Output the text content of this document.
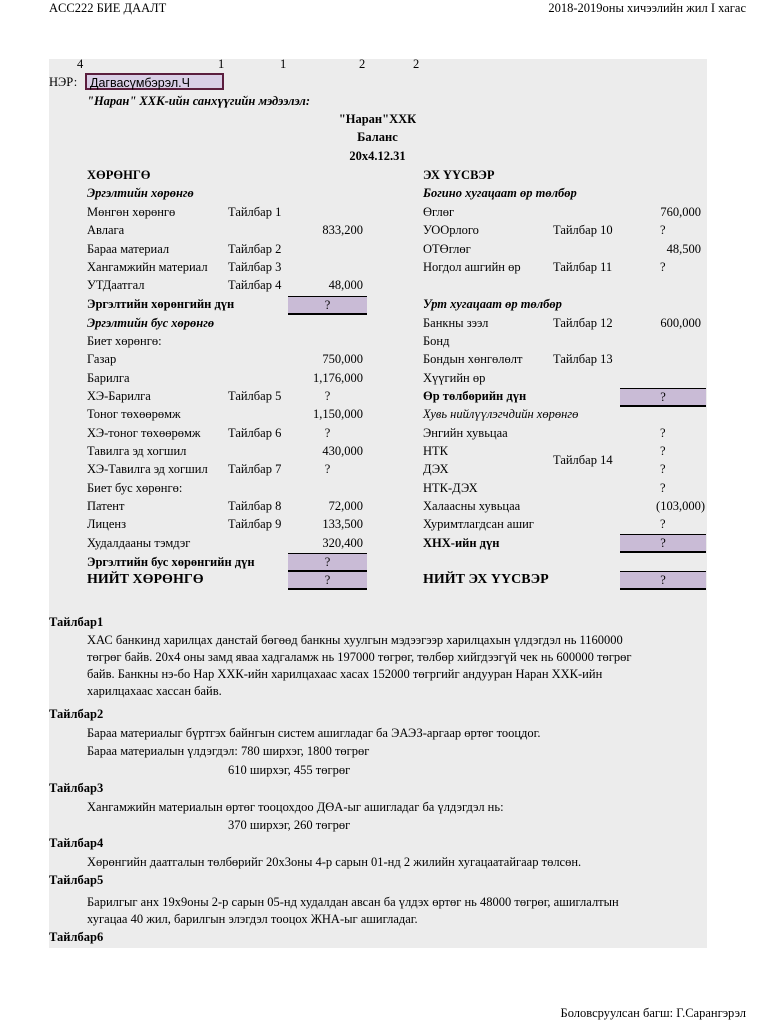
ACC222 БИЕ ДААЛТ	2018-2019оны хичээлийн жил I хагас
Боловсруулсан багш: Г.Сарангэрэл
4	1	1	2	2
НЭР:	Дагвасүмбэрэл.Ч
"Наран" ХХК-ийн санхүүгийн мэдээлэл:
"Наран"ХХК
Баланс
20х4.12.31
ХӨРӨНГӨ
Эргэлтийн хөрөнгө
Мөнгөн хөрөнгө	Тайлбар 1
Авлага	833,200
Бараа материал	Тайлбар 2
Хангамжийн материал Тайлбар 3
УТДаатгал	Тайлбар 4	48,000
Эргэлтийн хөрөнгийн дүн	?
Эргэлтийн бус хөрөнгө
Биет хөрөнгө:
Газар	750,000
Барилга	1,176,000
ХЭ-Барилга	Тайлбар 5	?
Тоног төхөөрөмж	1,150,000
ХЭ-тоног төхөөрөмж Тайлбар 6	?
Тавилга эд хогшил	430,000
ХЭ-Тавилга эд хогшил Тайлбар 7	?
Биет бус хөрөнгө:
Патент	Тайлбар 8	72,000
Лиценз	Тайлбар 9	133,500
Худалдааны тэмдэг	320,400
Эргэлтийн бус хөрөнгийн дүн	?
НИЙТ ХӨРӨНГӨ	?
ЭХ ҮҮСВЭР
Богино хугацаат өр төлбөр
Өглөг	760,000
УООрлого	Тайлбар 10	?
ОТӨглөг	48,500
Ногдол ашгийн өр	Тайлбар 11	?
Урт хугацаат өр төлбөр
Банкны зээл	Тайлбар 12	600,000
Бонд
Бондын хөнгөлөлт Тайлбар 13
Хүүгийн өр
Өр төлбөрийн дүн	?
Хувь нийлүүлэгчдийн хөрөнгө
Энгийн хувьцаа	?
НТК	?
Тайлбар 14
ДЭХ	?
НТК-ДЭХ	?
Халаасны хувьцаа	(103,000)
Хуримтлагдсан ашиг	?
ХНХ-ийн дүн	?
НИЙТ ЭХ ҮҮСВЭР	?
Тайлбар1
ХАС банкинд харилцах данстай бөгөөд банкны хуулгын мэдээгээр харилцахын үлдэгдэл нь 1160000
төгрөг байв. 20х4 оны замд яваа хадгаламж нь 197000 төгрөг, төлбөр хийгдээгүй чек нь 600000 төгрөг
байв. Банкны нэ-бо Нар ХХК-ийн харилцахаас хасах 152000 төгргийг андууран Наран ХХК-ийн
харилцахаас хассан байв.
Тайлбар2
Бараа материалыг бүртгэх байнгын систем ашигладаг ба ЭАЭЗ-аргаар өртөг тооцдог.
Бараа материалын үлдэгдэл: 780 ширхэг, 1800 төгрөг
610 ширхэг, 455 төгрөг
Тайлбар3
Хангамжийн материалын өртөг тооцохдоо ДӨА-ыг ашигладаг ба үлдэгдэл нь:
370 ширхэг, 260 төгрөг
Тайлбар4
Хөрөнгийн даатгалын төлбөрийг 20х3оны 4-р сарын 01-нд 2 жилийн хугацаатайгаар төлсөн.
Тайлбар5
Барилгыг анх 19х9оны 2-р сарын 05-нд худалдан авсан ба үлдэх өртөг нь 48000 төгрөг, ашиглалтын
хугацаа 40 жил, барилгын элэгдэл тооцох ЖНА-ыг ашигладаг.
Тайлбар6
